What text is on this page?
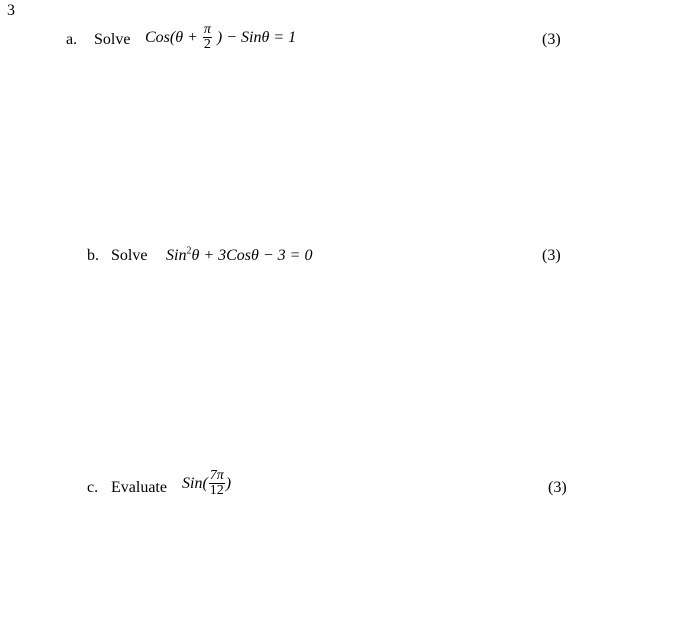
3
a. Solve $Cos(\theta + \frac{\pi}{2}$ ) − Sinθ = 1	(3)
b. Solve Sin$^2$θ + 3Cosθ − 3 = 0	(3)
c. Evaluate $Sin( \frac{7\pi}{12}$ )	(3)
